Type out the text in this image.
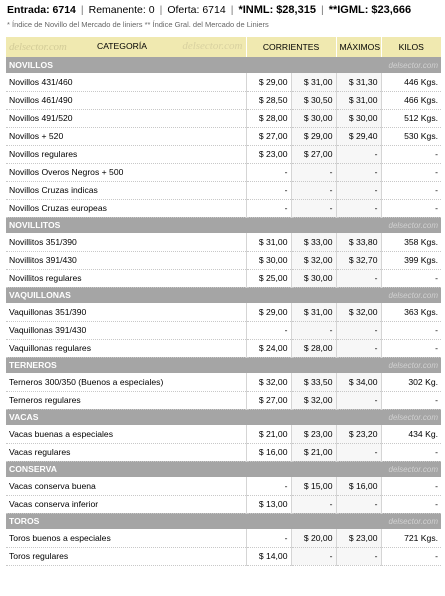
Entrada:
6714 | Remanente:
0 | Oferta:
6714 | *INML:
$28,315 | **IGML:
$23,666
* Índice de Novillo del Mercado de liniers ** Índice Gral. del Mercado de Liniers
delsector.com CATEGORÍA delsector.com	CORRIENTES		MÁXIMOS	KILOS
NOVILLOS	delsector.com			
Novillos 431/460	$ 29,00	$ 31,00	$ 31,30	446 Kgs.
Novillos 461/490	$ 28,50	$ 30,50	$ 31,00	466 Kgs.
Novillos 491/520	$ 28,00	$ 30,00	$ 30,00	512 Kgs.
Novillos + 520	$ 27,00	$ 29,00	$ 29,40	530 Kgs.
Novillos regulares	$ 23,00	$ 27,00	-	-
Novillos Overos Negros + 500	-	-	-	-
Novillos Cruzas indicas	-	-	-	-
Novillos Cruzas europeas	-	-	-	-
NOVILLITOS	delsector.com			
Novillitos 351/390	$ 31,00	$ 33,00	$ 33,80	358 Kgs.
Novillitos 391/430	$ 30,00	$ 32,00	$ 32,70	399 Kgs.
Novillitos regulares	$ 25,00	$ 30,00	-	-
VAQUILLONAS	delsector.com			
Vaquillonas 351/390	$ 29,00	$ 31,00	$ 32,00	363 Kgs.
Vaquillonas 391/430	-	-	-	-
Vaquillonas regulares	$ 24,00	$ 28,00	-	-
TERNEROS	delsector.com			
Terneros 300/350 (Buenos a especiales)	$ 32,00	$ 33,50	$ 34,00	302 Kg.
Terneros regulares	$ 27,00	$ 32,00	-	-
VACAS	delsector.com			
Vacas buenas a especiales	$ 21,00	$ 23,00	$ 23,20	434 Kg.
Vacas regulares	$ 16,00	$ 21,00	-	-
CONSERVA	delsector.com			
Vacas conserva buena	-	$ 15,00	$ 16,00	-
Vacas conserva inferior	$ 13,00	-	-	-
TOROS	delsector.com			
Toros buenos a especiales	-	$ 20,00	$ 23,00	721 Kgs.
Toros regulares	$ 14,00	-	-	-
